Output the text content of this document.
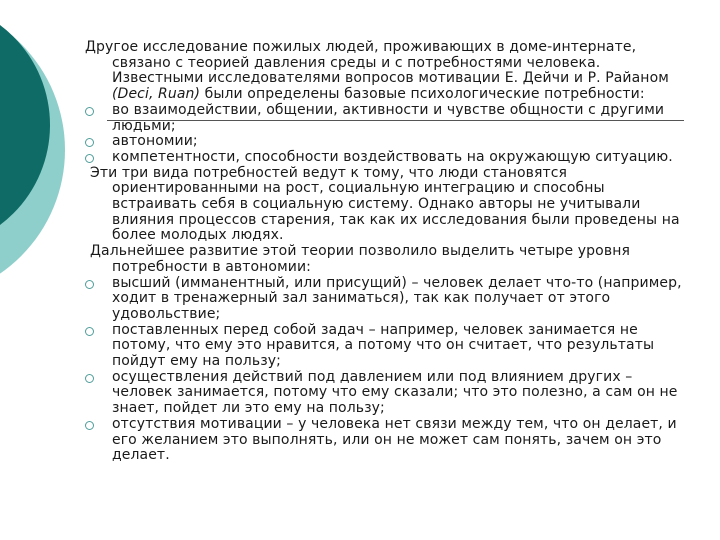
Другое исследование пожилых людей, проживающих в доме-интернате, связано с теорией давления среды и с потребностями человека. Известными исследователями вопросов мотивации Е. Дейчи и Р. Райаном (Deci, Ruan) были определены базовые психологические потребности:

во взаимодействии, общении, активности и чувстве общности с другими людьми;
автономии;
компетентности, способности воздействовать на окружающую ситуацию.

Эти три вида потребностей ведут к тому, что люди становятся ориентированными на рост, социальную интеграцию и способны встраивать себя в социальную систему. Однако авторы не учитывали влияния процессов старения, так как их исследования были проведены на более молодых людях.

Дальнейшее развитие этой теории позволило выделить четыре уровня потребности в автономии:

высший (имманентный, или присущий) – человек делает что-то (например, ходит в тренажерный зал заниматься), так как получает от этого удовольствие;
поставленных перед собой задач – например, человек занимается не потому, что ему это нравится, а потому что он считает, что результаты пойдут ему на пользу;
осуществления действий под давлением или под влиянием других – человек занимается, потому что ему сказали; что это полезно, а сам он не знает, пойдет ли это ему на пользу;
отсутствия мотивации – у человека нет связи между тем, что он делает, и его желанием это выполнять, или он не может сам понять, зачем он это делает.
